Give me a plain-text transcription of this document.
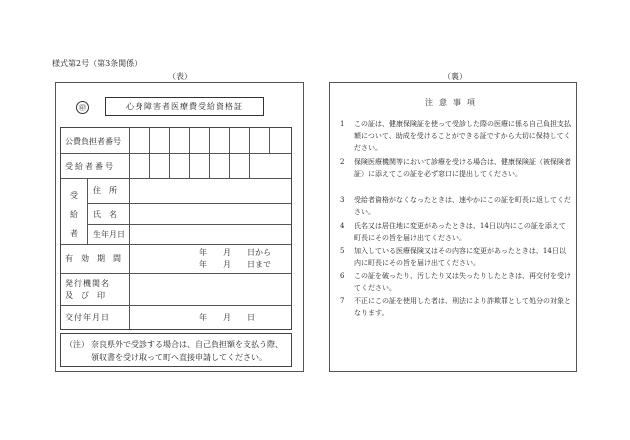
様式第2号（第3条関係）
（表）
㊞	心身障害者医療費受給資格証
公費負担者番号
受給者番号
受給者
住　所
氏　名
生年月日
有　効　期　間
年　　月　　日から
年　　月　　日まで
発行機関名
及　び　印
交付年月日	年　　月　　日
（注） 奈良県外で受診する場合は、自己負担額を支払う際、領収書を受け取って町へ直接申請してください。
（裏）
注意事項
1 この証は、健康保険証を使って受診した際の医療に係る自己負担支払額について、助成を受けることができる証ですから大切に保持してください。
2 保険医療機関等において診療を受ける場合は、健康保険証（被保険者証）に添えてこの証を必ず窓口に提出してください。
3 受給者資格がなくなったときは、速やかにこの証を町長に返してください。
4 氏名又は居住地に変更があったときは、14日以内にこの証を添えて町長にその旨を届け出てください。
5 加入している医療保険又はその内容に変更があったときは、14日以内に町長にその旨を届け出てください。
6 この証を破ったり、汚したり又は失ったりしたときは、再交付を受けてください。
7 不正にこの証を使用した者は、刑法により詐欺罪として処分の対象となります。
